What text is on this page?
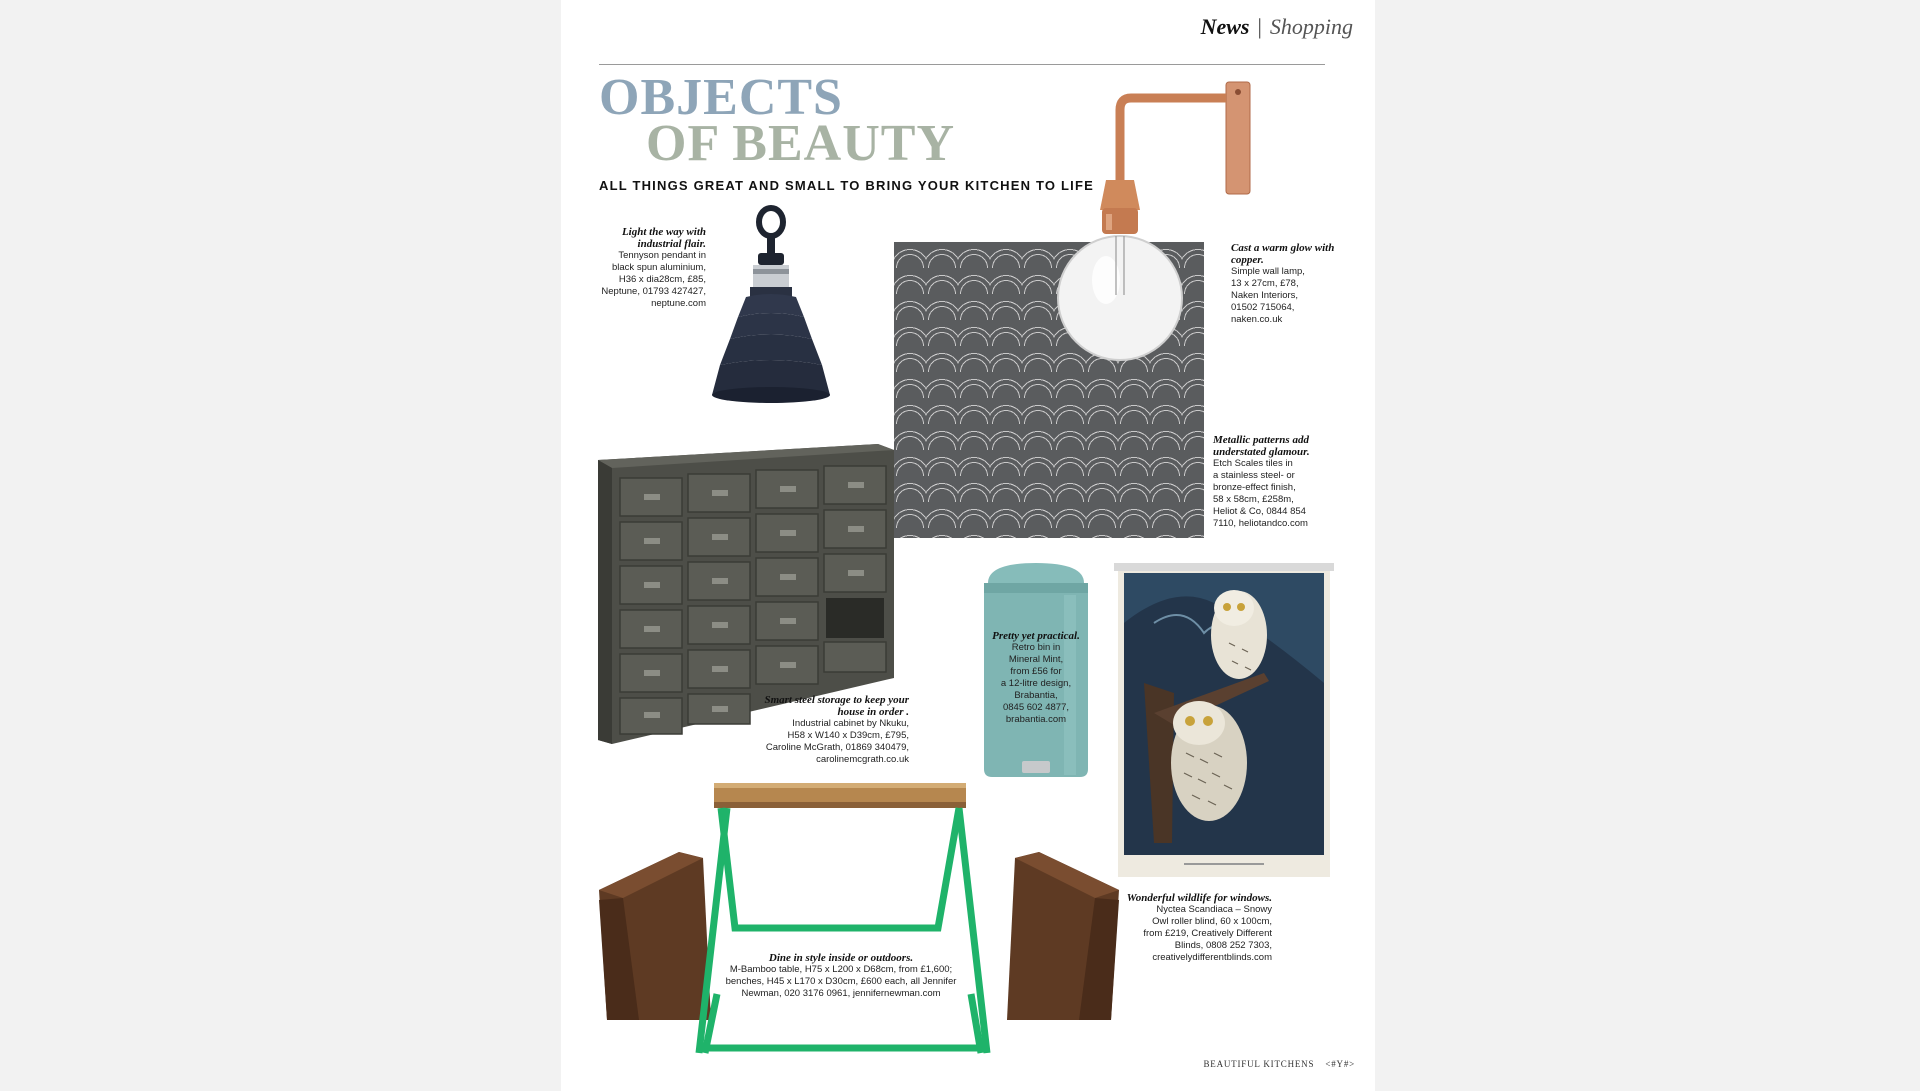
News | Shopping
OBJECTS
OF BEAUTY
ALL THINGS GREAT AND SMALL TO BRING YOUR KITCHEN TO LIFE
Light the way with industrial flair.
Tennyson pendant in
black spun aluminium,
H36 x dia28cm, £85,
Neptune, 01793 427427,
neptune.com
Cast a warm glow with copper.
Simple wall lamp,
13 x 27cm, £78,
Naken Interiors,
01502 715064,
naken.co.uk
Metallic patterns add understated glamour.
Etch Scales tiles in
a stainless steel- or
bronze-effect finish,
58 x 58cm, £258m,
Heliot & Co, 0844 854
7110, heliotandco.com
Smart steel storage to keep your house in order .
Industrial cabinet by Nkuku,
H58 x W140 x D39cm, £795,
Caroline McGrath, 01869 340479,
carolinemcgrath.co.uk
Pretty yet practical.
Retro bin in
Mineral Mint,
from £56 for
a 12-litre design,
Brabantia,
0845 602 4877,
brabantia.com
Wonderful wildlife for windows.
Nyctea Scandiaca – Snowy
Owl roller blind, 60 x 100cm,
from £219, Creatively Different
Blinds, 0808 252 7303,
creativelydifferentblinds.com
Dine in style inside or outdoors.
M-Bamboo table, H75 x L200 x D68cm, from £1,600;
benches, H45 x L170 x D30cm, £600 each, all Jennifer
Newman, 020 3176 0961, jennifernewman.com
BEAUTIFUL KITCHENS <#Y#>
